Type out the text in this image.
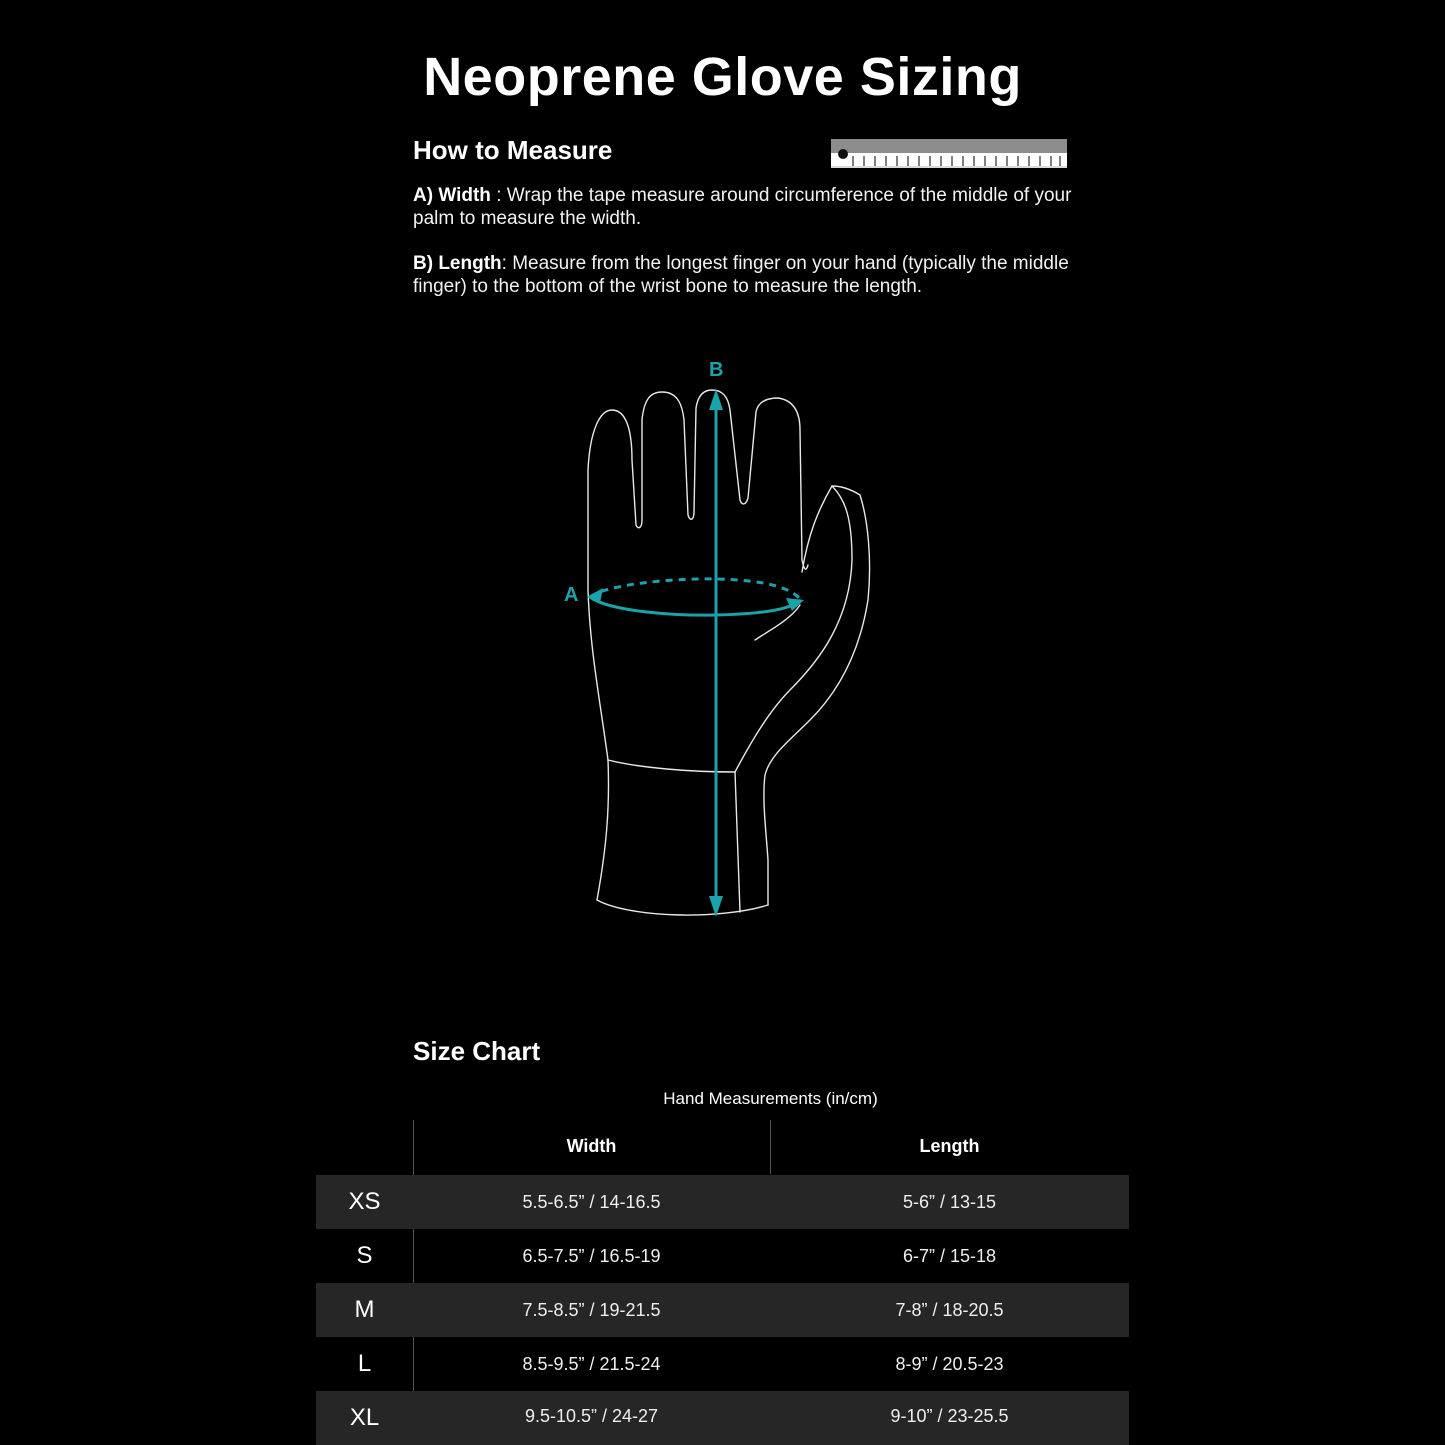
Neoprene Glove Sizing
How to Measure
A) Width : Wrap the tape measure around circumference of the middle of your palm to measure the width.
B) Length: Measure from the longest finger on your hand (typically the middle finger) to the bottom of the wrist bone to measure the length.
B
A
Size Chart
Hand Measurements (in/cm)
Width	Length
XS	5.5-6.5” / 14-16.5	5-6” / 13-15
S	6.5-7.5” / 16.5-19	6-7” / 15-18
M	7.5-8.5” / 19-21.5	7-8” / 18-20.5
L	8.5-9.5” / 21.5-24	8-9” / 20.5-23
XL	9.5-10.5” / 24-27	9-10” / 23-25.5
